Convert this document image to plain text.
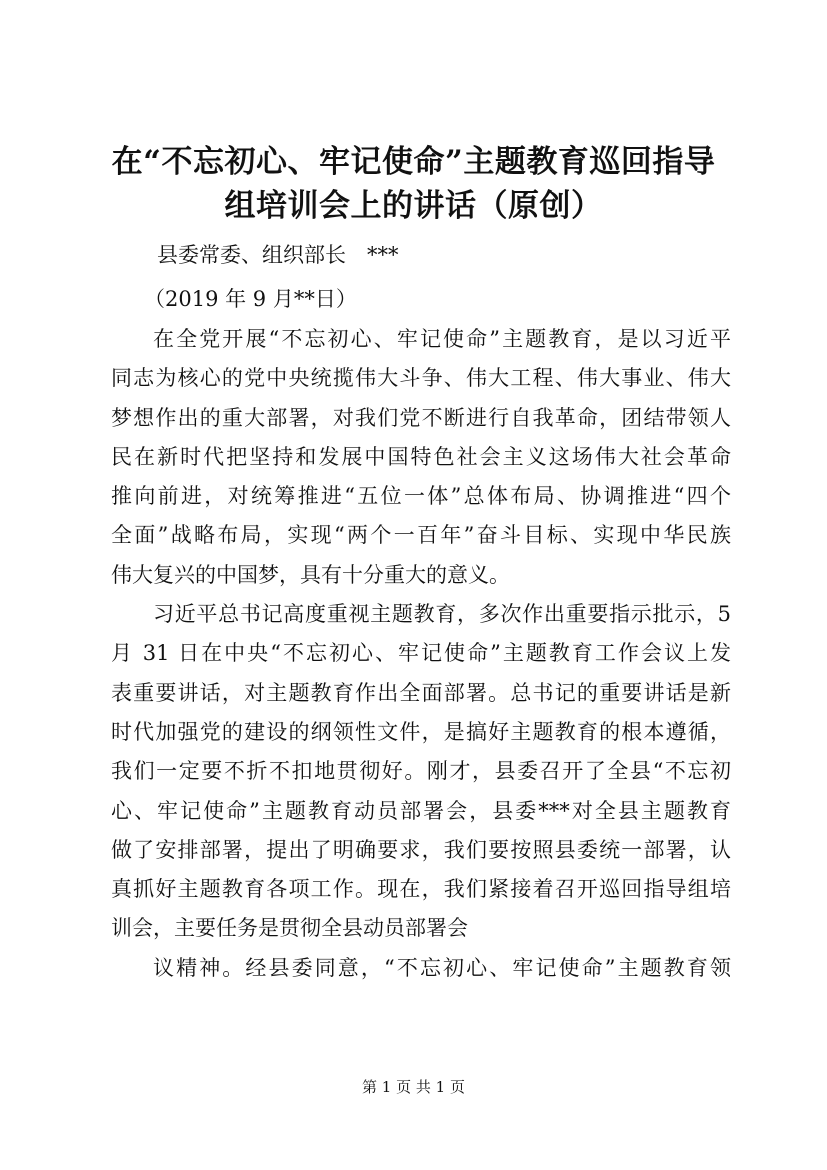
在“不忘初心、牢记使命”主题教育巡回指导
组培训会上的讲话（原创）
县委常委、组织部长　***
（2019 年 9 月**日）
在全党开展“不忘初心、牢记使命”主题教育，是以习近平
同志为核心的党中央统揽伟大斗争、伟大工程、伟大事业、伟大
梦想作出的重大部署，对我们党不断进行自我革命，团结带领人
民在新时代把坚持和发展中国特色社会主义这场伟大社会革命
推向前进，对统筹推进“五位一体”总体布局、协调推进“四个
全面”战略布局，实现“两个一百年”奋斗目标、实现中华民族
伟大复兴的中国梦，具有十分重大的意义。
习近平总书记高度重视主题教育，多次作出重要指示批示，5
月 31 日在中央“不忘初心、牢记使命”主题教育工作会议上发
表重要讲话，对主题教育作出全面部署。总书记的重要讲话是新
时代加强党的建设的纲领性文件，是搞好主题教育的根本遵循，
我们一定要不折不扣地贯彻好。刚才，县委召开了全县“不忘初
心、牢记使命”主题教育动员部署会，县委***对全县主题教育
做了安排部署，提出了明确要求，我们要按照县委统一部署，认
真抓好主题教育各项工作。现在，我们紧接着召开巡回指导组培
训会，主要任务是贯彻全县动员部署会
议精神。经县委同意，“不忘初心、牢记使命”主题教育领
第 1 页 共 1 页
